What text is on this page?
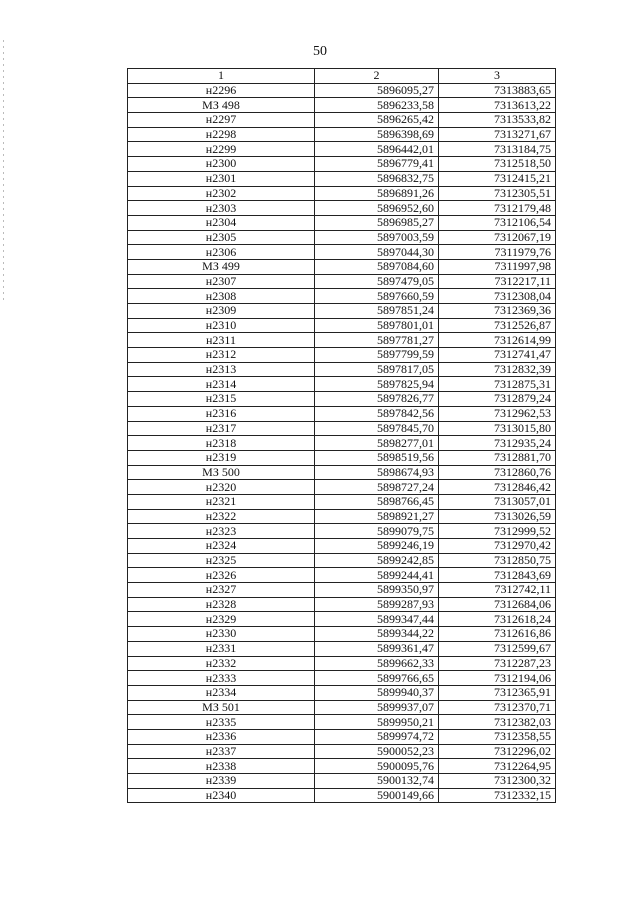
50
1	2	3
н2296	5896095,27	7313883,65
МЗ 498	5896233,58	7313613,22
н2297	5896265,42	7313533,82
н2298	5896398,69	7313271,67
н2299	5896442,01	7313184,75
н2300	5896779,41	7312518,50
н2301	5896832,75	7312415,21
н2302	5896891,26	7312305,51
н2303	5896952,60	7312179,48
н2304	5896985,27	7312106,54
н2305	5897003,59	7312067,19
н2306	5897044,30	7311979,76
МЗ 499	5897084,60	7311997,98
н2307	5897479,05	7312217,11
н2308	5897660,59	7312308,04
н2309	5897851,24	7312369,36
н2310	5897801,01	7312526,87
н2311	5897781,27	7312614,99
н2312	5897799,59	7312741,47
н2313	5897817,05	7312832,39
н2314	5897825,94	7312875,31
н2315	5897826,77	7312879,24
н2316	5897842,56	7312962,53
н2317	5897845,70	7313015,80
н2318	5898277,01	7312935,24
н2319	5898519,56	7312881,70
МЗ 500	5898674,93	7312860,76
н2320	5898727,24	7312846,42
н2321	5898766,45	7313057,01
н2322	5898921,27	7313026,59
н2323	5899079,75	7312999,52
н2324	5899246,19	7312970,42
н2325	5899242,85	7312850,75
н2326	5899244,41	7312843,69
н2327	5899350,97	7312742,11
н2328	5899287,93	7312684,06
н2329	5899347,44	7312618,24
н2330	5899344,22	7312616,86
н2331	5899361,47	7312599,67
н2332	5899662,33	7312287,23
н2333	5899766,65	7312194,06
н2334	5899940,37	7312365,91
МЗ 501	5899937,07	7312370,71
н2335	5899950,21	7312382,03
н2336	5899974,72	7312358,55
н2337	5900052,23	7312296,02
н2338	5900095,76	7312264,95
н2339	5900132,74	7312300,32
н2340	5900149,66	7312332,15
